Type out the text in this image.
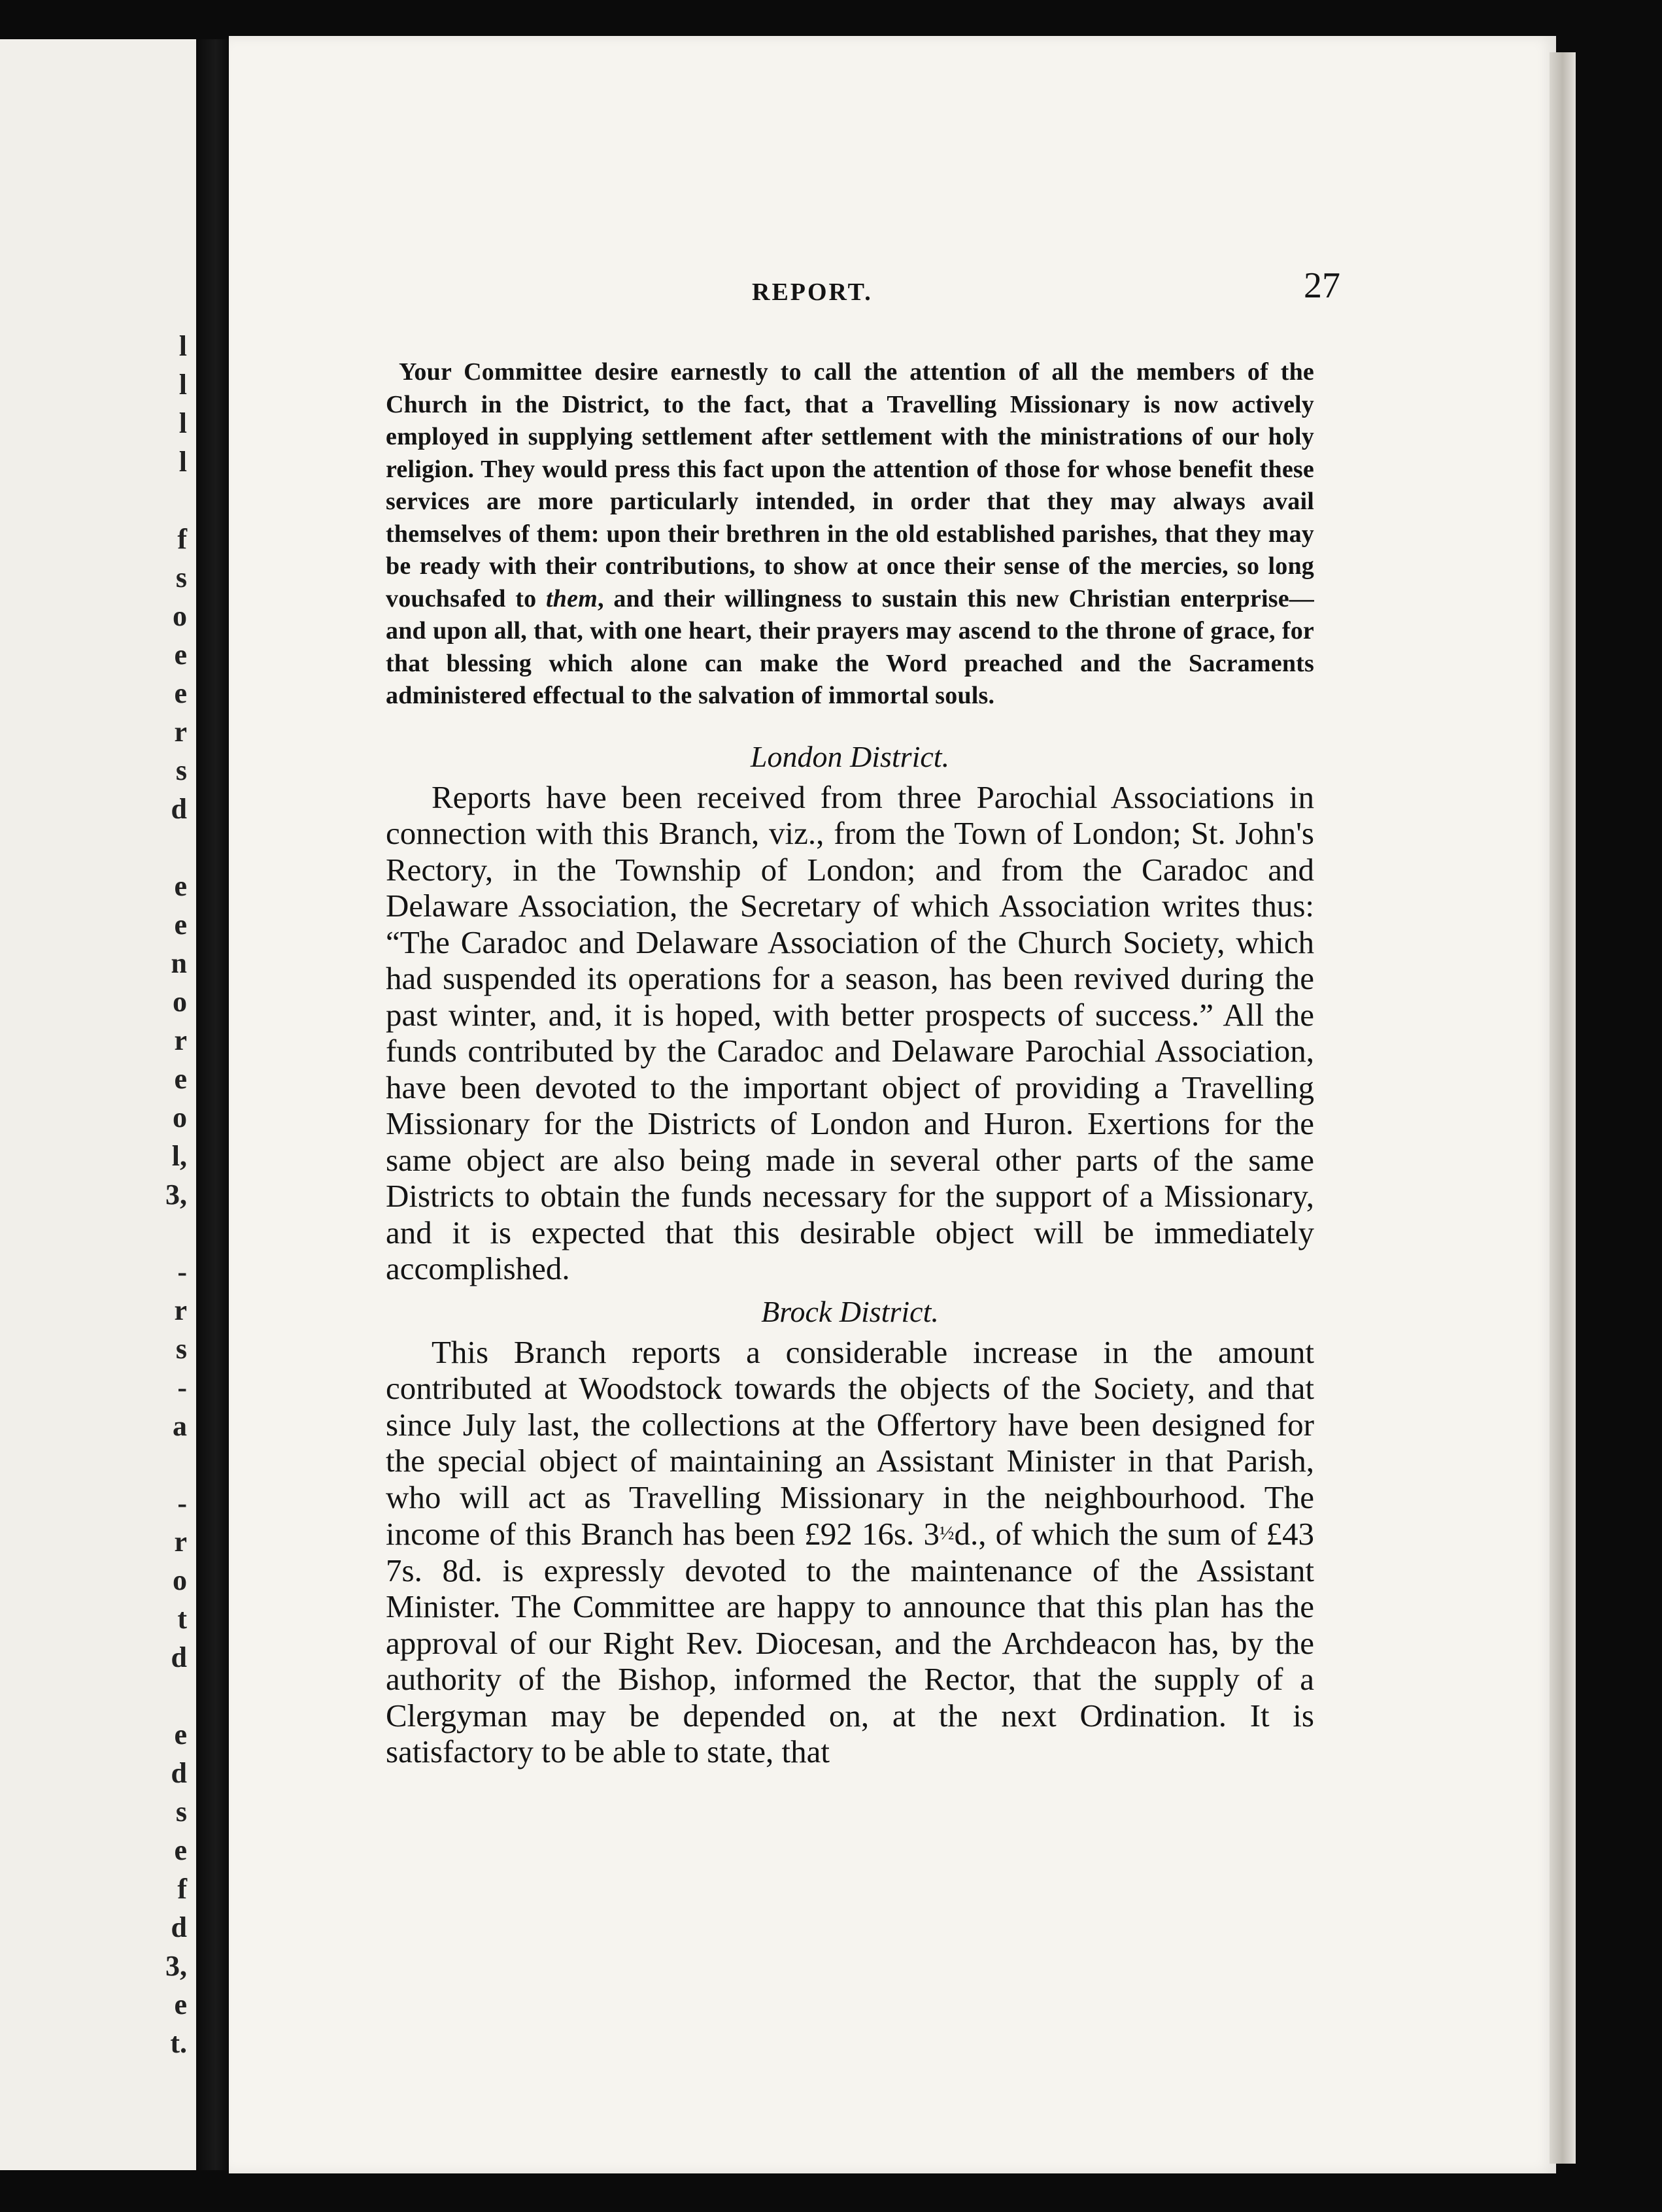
l
l
l
l

f
s
o
e
e
r
s
d

e
e
n
o
r
e
o
l,
3,

-
r
s
-
a

-
r
o
t
d

e
d
s
e
f
d
3,
e
t.
REPORT.	27

Your Committee desire earnestly to call the attention of all the members of the Church in the District, to the fact, that a Travelling Missionary is now actively employed in supplying settlement after settlement with the ministrations of our holy religion. They would press this fact upon the attention of those for whose benefit these services are more particularly intended, in order that they may always avail themselves of them: upon their brethren in the old established parishes, that they may be ready with their contributions, to show at once their sense of the mercies, so long vouchsafed to them, and their willingness to sustain this new Christian enterprise—and upon all, that, with one heart, their prayers may ascend to the throne of grace, for that blessing which alone can make the Word preached and the Sacraments administered effectual to the salvation of immortal souls.

London District.

Reports have been received from three Parochial Associations in connection with this Branch, viz., from the Town of London; St. John's Rectory, in the Township of London; and from the Caradoc and Delaware Association, the Secretary of which Association writes thus: “The Caradoc and Delaware Association of the Church Society, which had suspended its operations for a season, has been revived during the past winter, and, it is hoped, with better prospects of success.” All the funds contributed by the Caradoc and Delaware Parochial Association, have been devoted to the important object of providing a Travelling Missionary for the Districts of London and Huron. Exertions for the same object are also being made in several other parts of the same Districts to obtain the funds necessary for the support of a Missionary, and it is expected that this desirable object will be immediately accomplished.

Brock District.

This Branch reports a considerable increase in the amount contributed at Woodstock towards the objects of the Society, and that since July last, the collections at the Offertory have been designed for the special object of maintaining an Assistant Minister in that Parish, who will act as Travelling Missionary in the neighbourhood. The income of this Branch has been £92 16s. 3½d., of which the sum of £43 7s. 8d. is expressly devoted to the maintenance of the Assistant Minister. The Committee are happy to announce that this plan has the approval of our Right Rev. Diocesan, and the Archdeacon has, by the authority of the Bishop, informed the Rector, that the supply of a Clergyman may be depended on, at the next Ordination. It is satisfactory to be able to state, that
